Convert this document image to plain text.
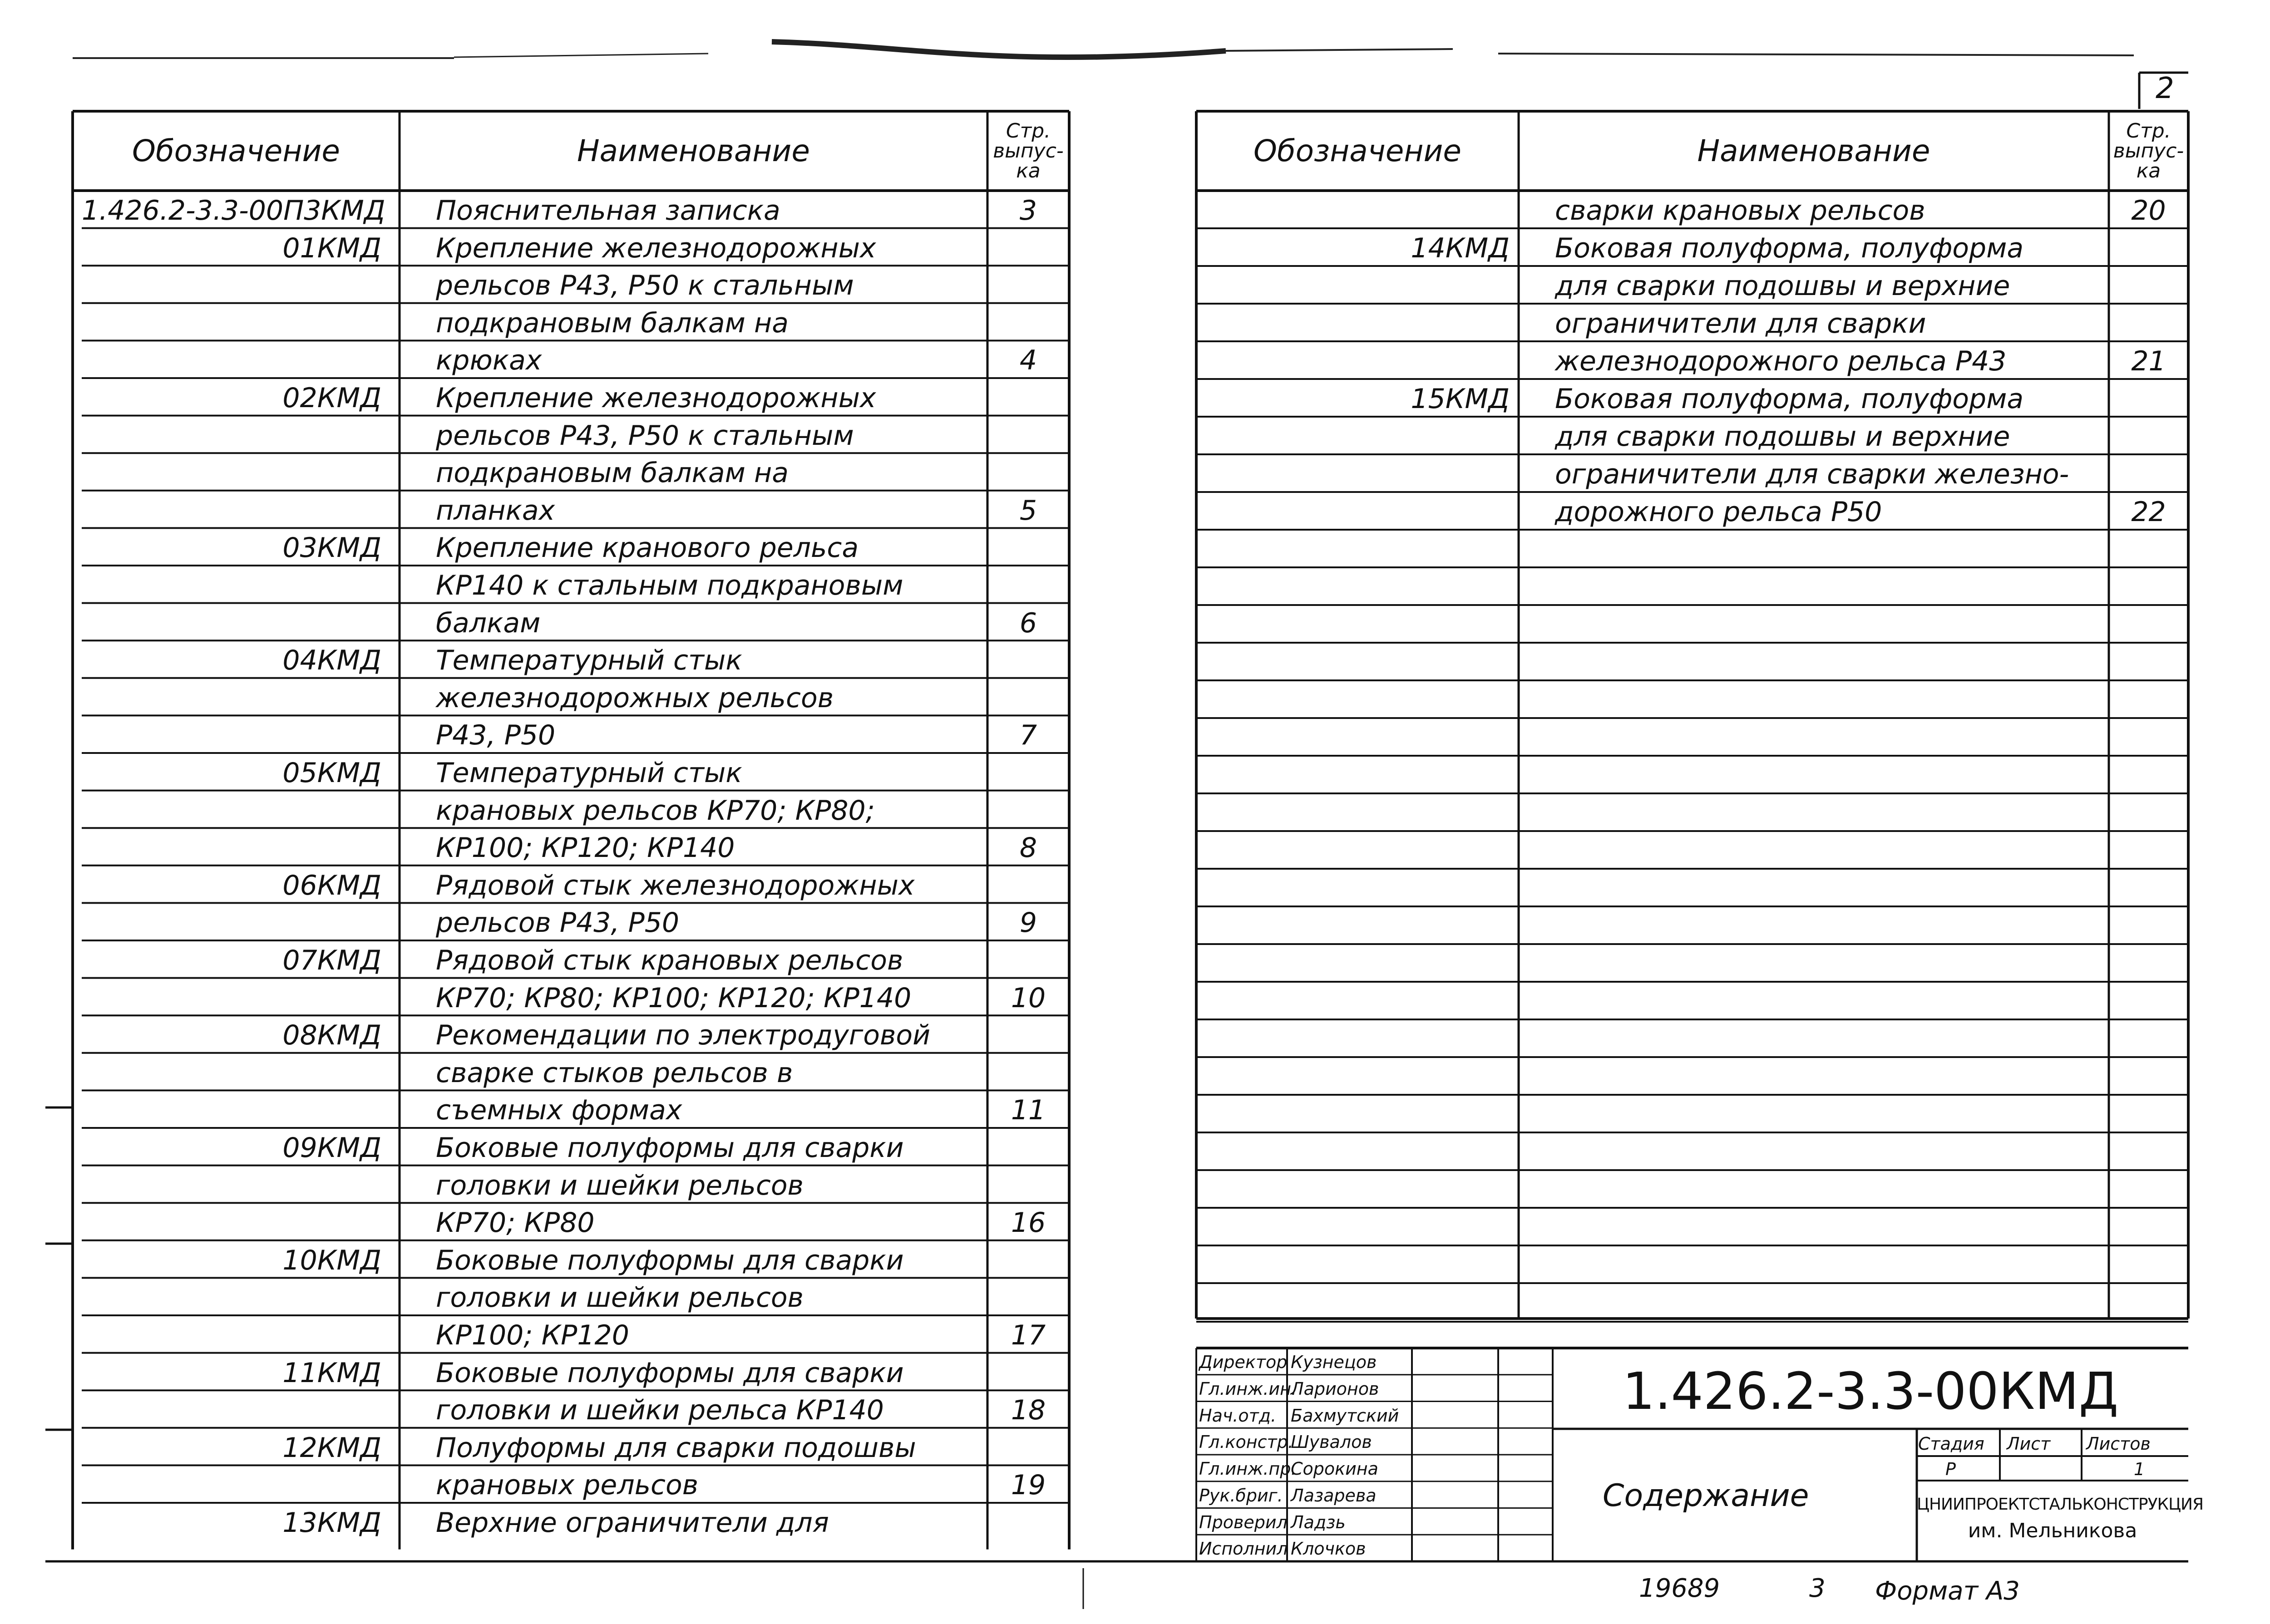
2
Обозначение	Наименование
Стр. выпус- ка
Обозначение	Наименование
Стр. выпус- ка
1.426.2-3.3-00П3КМД Пояснительная записка	3
01КМД Крепление железнодорожных
рельсов Р43, Р50 к стальным
подкрановым балкам на
крюках	4
02КМД Крепление железнодорожных
рельсов Р43, Р50 к стальным
подкрановым балкам на
планках	5
03КМД Крепление кранового рельса
КР140 к стальным подкрановым
балкам	6
04КМД Температурный стык
железнодорожных рельсов
Р43, Р50	7
05КМД Температурный стык
крановых рельсов КР70; КР80;
КР100; КР120; КР140	8
06КМД Рядовой стык железнодорожных
рельсов Р43, Р50	9
07КМД Рядовой стык крановых рельсов
КР70; КР80; КР100; КР120; КР140	10
08КМД Рекомендации по электродуговой
сварке стыков рельсов в
съемных формах	11
09КМД Боковые полуформы для сварки
головки и шейки рельсов
КР70; КР80	16
10КМД Боковые полуформы для сварки
головки и шейки рельсов
КР100; КР120	17
11КМД Боковые полуформы для сварки
головки и шейки рельса КР140	18
12КМД Полуформы для сварки подошвы
крановых рельсов	19
13КМД Верхние ограничители для
сварки крановых рельсов	20
14КМД Боковая полуформа, полуформа
для сварки подошвы и верхние
ограничители для сварки
железнодорожного рельса Р43	21
15КМД Боковая полуформа, полуформа
для сварки подошвы и верхние
ограничители для сварки железно-
дорожного рельса Р50	22
1.426.2-3.3-00КМД
Содержание
Стадия Лист Листов
Р	1
ЦНИИПРОЕКТСТАЛЬКОНСТРУКЦИЯ
им. Мельникова
Директор Кузнецов
Гл.инж.ин.
Ларионов
Нач.отд. Бахмутский
Гл.констр.
Шувалов
Гл.инж.пр.
Сорокина
Рук.бриг. Лазарева
Проверил Ладзь
Исполнил Клочков
19689	3 Формат А3
